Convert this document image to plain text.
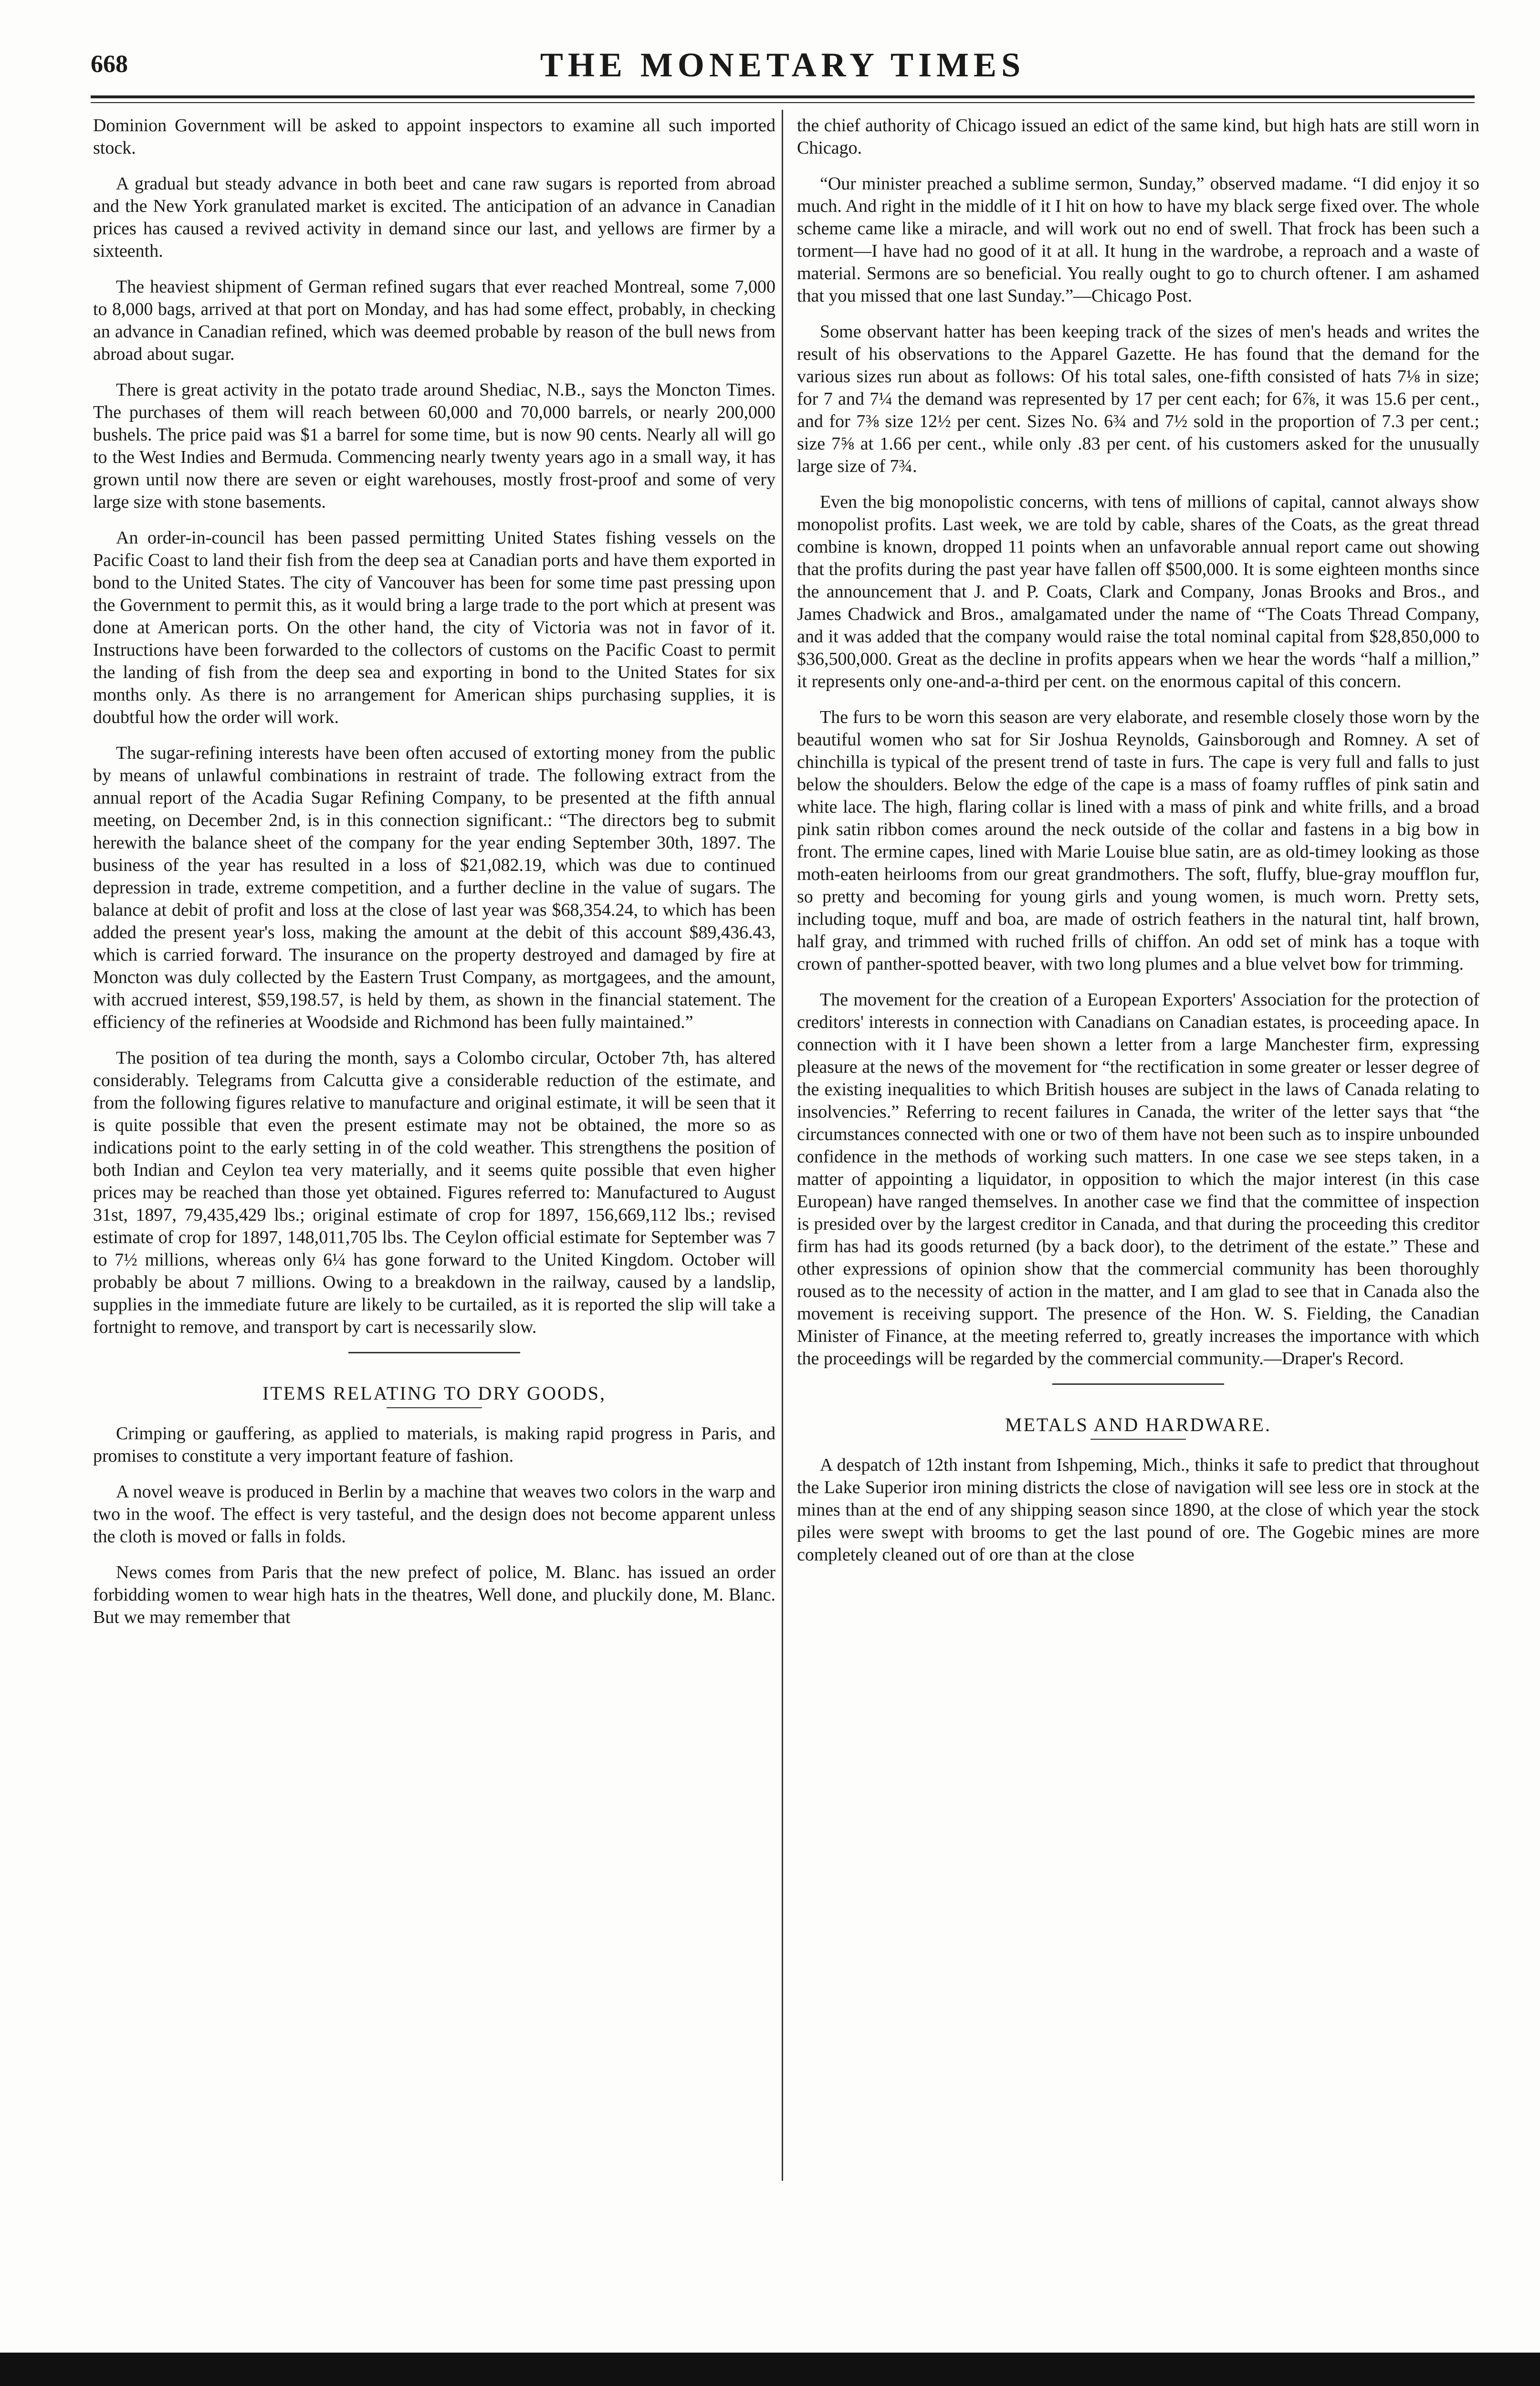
668	THE MONETARY TIMES

Dominion Government will be asked to appoint inspectors to examine all such imported stock.

A gradual but steady advance in both beet and cane raw sugars is reported from abroad and the New York granulated market is excited. The anticipation of an advance in Canadian prices has caused a revived activity in demand since our last, and yellows are firmer by a sixteenth.

The heaviest shipment of German refined sugars that ever reached Montreal, some 7,000 to 8,000 bags, arrived at that port on Monday, and has had some effect, probably, in checking an advance in Canadian refined, which was deemed probable by reason of the bull news from abroad about sugar.

There is great activity in the potato trade around Shediac, N.B., says the Moncton Times. The purchases of them will reach between 60,000 and 70,000 barrels, or nearly 200,000 bushels. The price paid was $1 a barrel for some time, but is now 90 cents. Nearly all will go to the West Indies and Bermuda. Commencing nearly twenty years ago in a small way, it has grown until now there are seven or eight warehouses, mostly frost-proof and some of very large size with stone basements.

An order-in-council has been passed permitting United States fishing vessels on the Pacific Coast to land their fish from the deep sea at Canadian ports and have them exported in bond to the United States. The city of Vancouver has been for some time past pressing upon the Government to permit this, as it would bring a large trade to the port which at present was done at American ports. On the other hand, the city of Victoria was not in favor of it. Instructions have been forwarded to the collectors of customs on the Pacific Coast to permit the landing of fish from the deep sea and exporting in bond to the United States for six months only. As there is no arrangement for American ships purchasing supplies, it is doubtful how the order will work.

The sugar-refining interests have been often accused of extorting money from the public by means of unlawful combinations in restraint of trade. The following extract from the annual report of the Acadia Sugar Refining Company, to be presented at the fifth annual meeting, on December 2nd, is in this connection significant.: “The directors beg to submit herewith the balance sheet of the company for the year ending September 30th, 1897. The business of the year has resulted in a loss of $21,082.19, which was due to continued depression in trade, extreme competition, and a further decline in the value of sugars. The balance at debit of profit and loss at the close of last year was $68,354.24, to which has been added the present year's loss, making the amount at the debit of this account $89,436.43, which is carried forward. The insurance on the property destroyed and damaged by fire at Moncton was duly collected by the Eastern Trust Company, as mortgagees, and the amount, with accrued interest, $59,198.57, is held by them, as shown in the financial statement. The efficiency of the refineries at Woodside and Richmond has been fully maintained.”

The position of tea during the month, says a Colombo circular, October 7th, has altered considerably. Telegrams from Calcutta give a considerable reduction of the estimate, and from the following figures relative to manufacture and original estimate, it will be seen that it is quite possible that even the present estimate may not be obtained, the more so as indications point to the early setting in of the cold weather. This strengthens the position of both Indian and Ceylon tea very materially, and it seems quite possible that even higher prices may be reached than those yet obtained. Figures referred to: Manufactured to August 31st, 1897, 79,435,429 lbs.; original estimate of crop for 1897, 156,669,112 lbs.; revised estimate of crop for 1897, 148,011,705 lbs. The Ceylon official estimate for September was 7 to 7½ millions, whereas only 6¼ has gone forward to the United Kingdom. October will probably be about 7 millions. Owing to a breakdown in the railway, caused by a landslip, supplies in the immediate future are likely to be curtailed, as it is reported the slip will take a fortnight to remove, and transport by cart is necessarily slow.

ITEMS RELATING TO DRY GOODS,

Crimping or gauffering, as applied to materials, is making rapid progress in Paris, and promises to constitute a very important feature of fashion.

A novel weave is produced in Berlin by a machine that weaves two colors in the warp and two in the woof. The effect is very tasteful, and the design does not become apparent unless the cloth is moved or falls in folds.

News comes from Paris that the new prefect of police, M. Blanc. has issued an order forbidding women to wear high hats in the theatres, Well done, and pluckily done, M. Blanc. But we may remember that

the chief authority of Chicago issued an edict of the same kind, but high hats are still worn in Chicago.

“Our minister preached a sublime sermon, Sunday,” observed madame. “I did enjoy it so much. And right in the middle of it I hit on how to have my black serge fixed over. The whole scheme came like a miracle, and will work out no end of swell. That frock has been such a torment—I have had no good of it at all. It hung in the wardrobe, a reproach and a waste of material. Sermons are so beneficial. You really ought to go to church oftener. I am ashamed that you missed that one last Sunday.”—Chicago Post.

Some observant hatter has been keeping track of the sizes of men's heads and writes the result of his observations to the Apparel Gazette. He has found that the demand for the various sizes run about as follows: Of his total sales, one-fifth consisted of hats 7⅛ in size; for 7 and 7¼ the demand was represented by 17 per cent each; for 6⅞, it was 15.6 per cent., and for 7⅜ size 12½ per cent. Sizes No. 6¾ and 7½ sold in the proportion of 7.3 per cent.; size 7⅝ at 1.66 per cent., while only .83 per cent. of his customers asked for the unusually large size of 7¾.

Even the big monopolistic concerns, with tens of millions of capital, cannot always show monopolist profits. Last week, we are told by cable, shares of the Coats, as the great thread combine is known, dropped 11 points when an unfavorable annual report came out showing that the profits during the past year have fallen off $500,000. It is some eighteen months since the announcement that J. and P. Coats, Clark and Company, Jonas Brooks and Bros., and James Chadwick and Bros., amalgamated under the name of “The Coats Thread Company, and it was added that the company would raise the total nominal capital from $28,850,000 to $36,500,000. Great as the decline in profits appears when we hear the words “half a million,” it represents only one-and-a-third per cent. on the enormous capital of this concern.

The furs to be worn this season are very elaborate, and resemble closely those worn by the beautiful women who sat for Sir Joshua Reynolds, Gainsborough and Romney. A set of chinchilla is typical of the present trend of taste in furs. The cape is very full and falls to just below the shoulders. Below the edge of the cape is a mass of foamy ruffles of pink satin and white lace. The high, flaring collar is lined with a mass of pink and white frills, and a broad pink satin ribbon comes around the neck outside of the collar and fastens in a big bow in front. The ermine capes, lined with Marie Louise blue satin, are as old-timey looking as those moth-eaten heirlooms from our great grandmothers. The soft, fluffy, blue-gray moufflon fur, so pretty and becoming for young girls and young women, is much worn. Pretty sets, including toque, muff and boa, are made of ostrich feathers in the natural tint, half brown, half gray, and trimmed with ruched frills of chiffon. An odd set of mink has a toque with crown of panther-spotted beaver, with two long plumes and a blue velvet bow for trimming.

The movement for the creation of a European Exporters' Association for the protection of creditors' interests in connection with Canadians on Canadian estates, is proceeding apace. In connection with it I have been shown a letter from a large Manchester firm, expressing pleasure at the news of the movement for “the rectification in some greater or lesser degree of the existing inequalities to which British houses are subject in the laws of Canada relating to insolvencies.” Referring to recent failures in Canada, the writer of the letter says that “the circumstances connected with one or two of them have not been such as to inspire unbounded confidence in the methods of working such matters. In one case we see steps taken, in a matter of appointing a liquidator, in opposition to which the major interest (in this case European) have ranged themselves. In another case we find that the committee of inspection is presided over by the largest creditor in Canada, and that during the proceeding this creditor firm has had its goods returned (by a back door), to the detriment of the estate.” These and other expressions of opinion show that the commercial community has been thoroughly roused as to the necessity of action in the matter, and I am glad to see that in Canada also the movement is receiving support. The presence of the Hon. W. S. Fielding, the Canadian Minister of Finance, at the meeting referred to, greatly increases the importance with which the proceedings will be regarded by the commercial community.—Draper's Record.

METALS AND HARDWARE.

A despatch of 12th instant from Ishpeming, Mich., thinks it safe to predict that throughout the Lake Superior iron mining districts the close of navigation will see less ore in stock at the mines than at the end of any shipping season since 1890, at the close of which year the stock piles were swept with brooms to get the last pound of ore. The Gogebic mines are more completely cleaned out of ore than at the close
